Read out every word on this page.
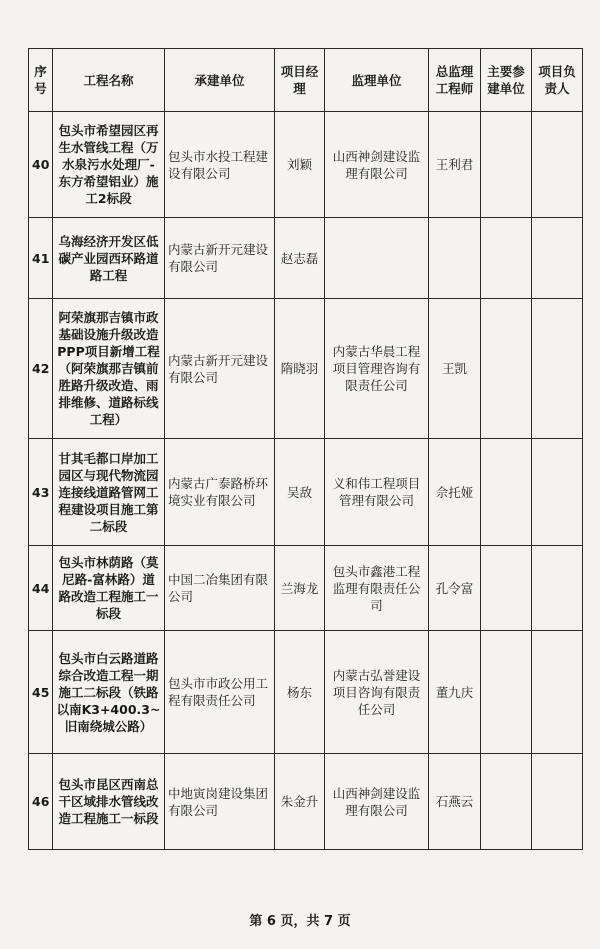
序号	工程名称	承建单位	项目经理	监理单位	总监理工程师	主要参建单位	项目负责人
40	包头市希望园区再生水管线工程（万水泉污水处理厂-东方希望铝业）施工2标段	包头市水投工程建设有限公司	刘颖	山西神剑建设监理有限公司	王利君		
41	乌海经济开发区低碳产业园西环路道路工程	内蒙古新开元建设有限公司	赵志磊				
42	阿荣旗那吉镇市政基础设施升级改造PPP项目新增工程（阿荣旗那吉镇前胜路升级改造、雨排维修、道路标线工程）	内蒙古新开元建设有限公司	隋晓羽	内蒙古华晨工程项目管理咨询有限责任公司	王凯		
43	甘其毛都口岸加工园区与现代物流园连接线道路管网工程建设项目施工第二标段	内蒙古广泰路桥环境实业有限公司	吴敌	义和伟工程项目管理有限公司	佘托娅		
44	包头市林荫路（莫尼路-富林路）道路改造工程施工一标段	中国二冶集团有限公司	兰海龙	包头市鑫港工程监理有限责任公司	孔令富		
45	包头市白云路道路综合改造工程一期施工二标段（铁路以南K3+400.3~旧南绕城公路）	包头市市政公用工程有限责任公司	杨东	内蒙古弘誉建设项目咨询有限责任公司	董九庆		
46	包头市昆区西南总干区域排水管线改造工程施工一标段	中地寅岗建设集团有限公司	朱金升	山西神剑建设监理有限公司	石燕云		
第 6 页，共 7 页
